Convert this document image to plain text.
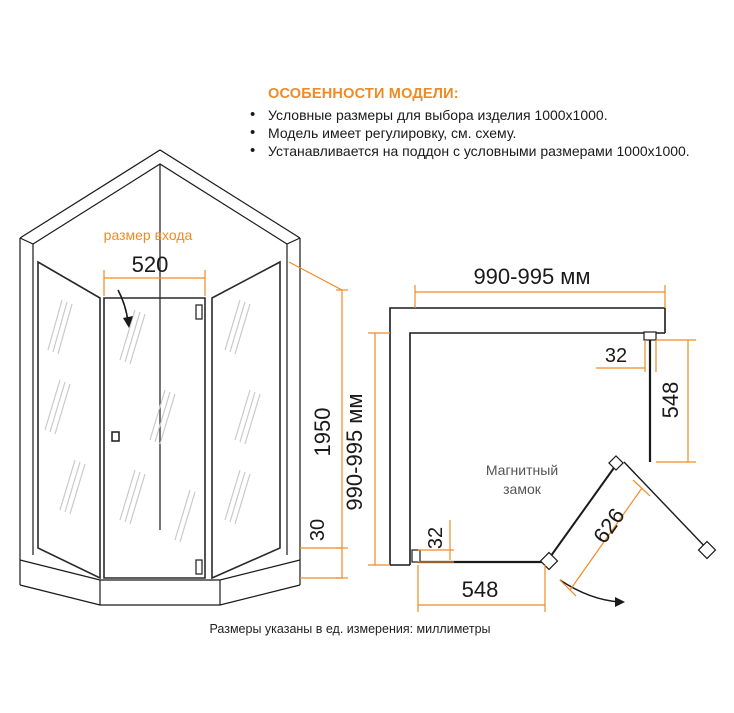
ОСОБЕННОСТИ МОДЕЛИ:
• Условные размеры для выбора изделия 1000х1000.
• Модель имеет регулировку, см. схему.
• Устанавливается на поддон с условными размерами 1000х1000.
размер входа
520
1950
30
990-995 мм
990-995 мм
32
548
32
548
626
Магнитный
замок
Размеры указаны в ед. измерения: миллиметры
